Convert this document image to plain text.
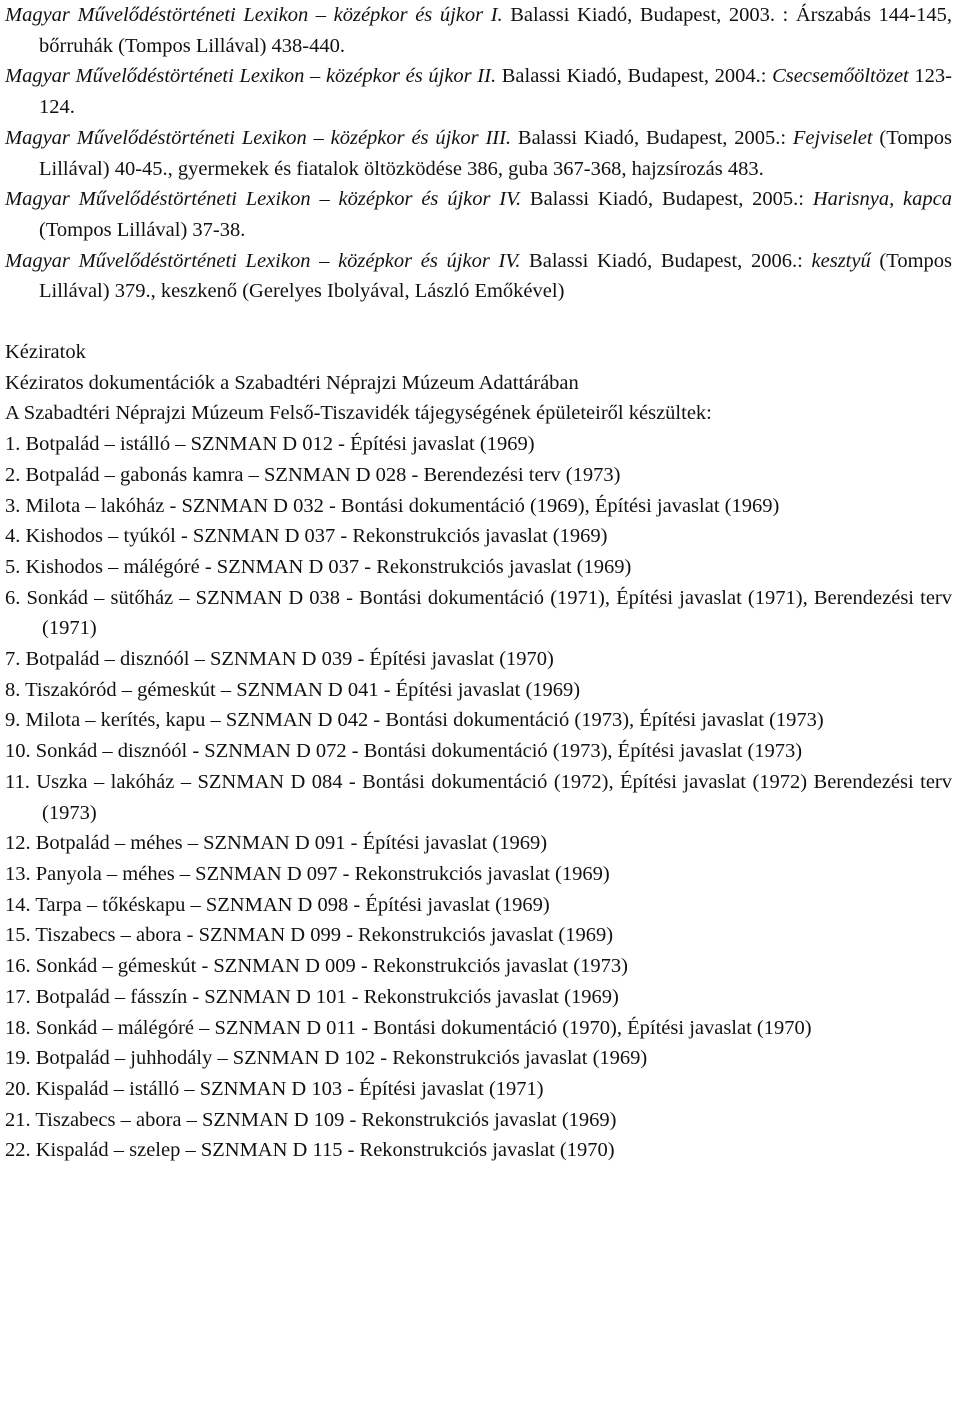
Magyar Művelődéstörténeti Lexikon – középkor és újkor I. Balassi Kiadó, Budapest, 2003. : Árszabás 144-145, bőrruhák (Tompos Lillával) 438-440.

Magyar Művelődéstörténeti Lexikon – középkor és újkor II. Balassi Kiadó, Budapest, 2004.: Csecsemőöltözet 123-124.

Magyar Művelődéstörténeti Lexikon – középkor és újkor III. Balassi Kiadó, Budapest, 2005.: Fejviselet (Tompos Lillával) 40-45., gyermekek és fiatalok öltözködése 386, guba 367-368, hajzsírozás 483.

Magyar Művelődéstörténeti Lexikon – középkor és újkor IV. Balassi Kiadó, Budapest, 2005.: Harisnya, kapca (Tompos Lillával) 37-38.

Magyar Művelődéstörténeti Lexikon – középkor és újkor IV. Balassi Kiadó, Budapest, 2006.: kesztyű (Tompos Lillával) 379., keszkenő (Gerelyes Ibolyával, László Emőkével)

Kéziratok

Kéziratos dokumentációk a Szabadtéri Néprajzi Múzeum Adattárában

A Szabadtéri Néprajzi Múzeum Felső-Tiszavidék tájegységének épületeiről készültek:

1. Botpalád – istálló – SZNMAN D 012 - Építési javaslat (1969)

2. Botpalád – gabonás kamra – SZNMAN D 028 - Berendezési terv (1973)

3. Milota – lakóház - SZNMAN D 032 - Bontási dokumentáció (1969), Építési javaslat (1969)

4. Kishodos – tyúkól - SZNMAN D 037 - Rekonstrukciós javaslat (1969)

5. Kishodos – málégóré - SZNMAN D 037 - Rekonstrukciós javaslat (1969)

6. Sonkád – sütőház – SZNMAN D 038 - Bontási dokumentáció (1971), Építési javaslat (1971), Berendezési terv (1971)

7. Botpalád – disznóól – SZNMAN D 039 - Építési javaslat (1970)

8. Tiszakóród – gémeskút – SZNMAN D 041 - Építési javaslat (1969)

9. Milota – kerítés, kapu – SZNMAN D 042 - Bontási dokumentáció (1973), Építési javaslat (1973)

10. Sonkád – disznóól - SZNMAN D 072 - Bontási dokumentáció (1973), Építési javaslat (1973)

11. Uszka – lakóház – SZNMAN D 084 - Bontási dokumentáció (1972), Építési javaslat (1972) Berendezési terv (1973)

12. Botpalád – méhes – SZNMAN D 091 - Építési javaslat (1969)

13. Panyola – méhes – SZNMAN D 097 - Rekonstrukciós javaslat (1969)

14. Tarpa – tőkéskapu – SZNMAN D 098 - Építési javaslat (1969)

15. Tiszabecs – abora - SZNMAN D 099 - Rekonstrukciós javaslat (1969)

16. Sonkád – gémeskút - SZNMAN D 009 - Rekonstrukciós javaslat (1973)

17. Botpalád – fásszín - SZNMAN D 101 - Rekonstrukciós javaslat (1969)

18. Sonkád – málégóré – SZNMAN D 011 - Bontási dokumentáció (1970), Építési javaslat (1970)

19. Botpalád – juhhodály – SZNMAN D 102 - Rekonstrukciós javaslat (1969)

20. Kispalád – istálló – SZNMAN D 103 - Építési javaslat (1971)

21. Tiszabecs – abora – SZNMAN D 109 - Rekonstrukciós javaslat (1969)

22. Kispalád – szelep – SZNMAN D 115 - Rekonstrukciós javaslat (1970)
